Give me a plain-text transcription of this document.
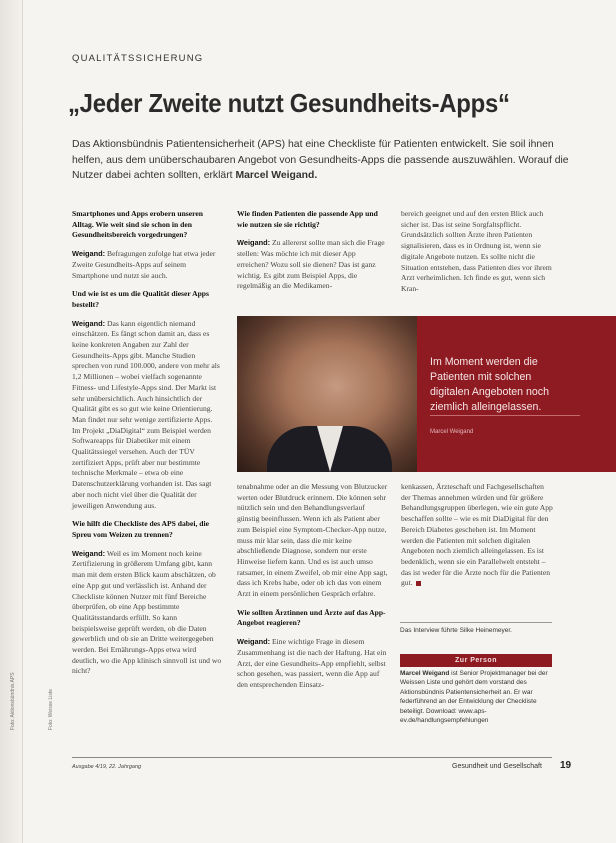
QUALITÄTSSICHERUNG
„Jeder Zweite nutzt Gesundheits-Apps“
Das Aktionsbündnis Patientensicherheit (APS) hat eine Checkliste für Patienten entwickelt. Sie soil ihnen helfen, aus dem unüberschaubaren Angebot von Gesundheits-Apps die passende auszuwählen. Worauf die Nutzer dabei achten sollten, erklärt Marcel Weigand.

Smartphones und Apps erobern unseren Alltag. Wie weit sind sie schon in den Gesundheitsbereich vorgedrungen?

Weigand: Befragungen zufolge hat etwa jeder Zweite Gesundheits-Apps auf seinem Smartphone und nutzt sie auch.

Und wie ist es um die Qualität dieser Apps bestellt?

Weigand: Das kann eigentlich niemand einschätzen. Es fängt schon damit an, dass es keine konkreten Angaben zur Zahl der Gesundheits-Apps gibt. Manche Studien sprechen von rund 100.000, andere von mehr als 1,2 Millionen – wobei vielfach sogenannte Fitness- und Lifestyle-Apps sind. Der Markt ist sehr unübersichtlich. Auch hinsichtlich der Qualität gibt es so gut wie keine Orientierung. Man findet nur sehr wenige zertifizierte Apps. Im Projekt „DiaDigital“ zum Beispiel werden Softwareapps für Diabetiker mit einem Qualitätssiegel versehen. Auch der TÜV zertifiziert Apps, prüft aber nur bestimmte technische Merkmale – etwa ob eine Datenschutzerklärung vorhanden ist. Das sagt aber noch nicht viel über die Qualität der jeweiligen Anwendung aus.

Wie hilft die Checkliste des APS dabei, die Spreu vom Weizen zu trennen?

Weigand: Weil es im Moment noch keine Zertifizierung in größerem Umfang gibt, kann man mit dem ersten Blick kaum abschätzen, ob eine App gut und verlässlich ist. Anhand der Checkliste können Nutzer mit fünf Bereiche überprüfen, ob eine App bestimmte Qualitätsstandards erfüllt. So kann beispielsweise geprüft werden, ob die Daten gewerblich und ob sie an Dritte weitergegeben werden. Bei Ernährungs-Apps etwa wird deutlich, wo die App klinisch sinnvoll ist und wo nicht?

Wie finden Patienten die passende App und wie nutzen sie sie richtig?

Weigand: Zu allererst sollte man sich die Frage stellen: Was möchte ich mit dieser App erreichen? Wozu soll sie dienen? Das ist ganz wichtig. Es gibt zum Beispiel Apps, die regelmäßig an die Medikamen-

bereich geeignet und auf den ersten Blick auch sicher ist. Das ist seine Sorgfaltspflicht. Grundsätzlich sollten Ärzte ihren Patienten signalisieren, dass es in Ordnung ist, wenn sie digitale Angebote nutzen. Es sollte nicht die Situation entstehen, dass Patienten dies vor ihrem Arzt verheimlichen. Ich finde es gut, wenn sich Kran-

Im Moment werden die Patienten mit solchen digitalen Angeboten noch ziemlich alleingelassen.
Marcel Weigand

tenabnahme oder an die Messung von Blutzucker werten oder Blutdruck erinnern. Die können sehr nützlich sein und den Behandlungsverlauf günstig beeinflussen. Wenn ich als Patient aber zum Beispiel eine Symptom-Checker-App nutze, muss mir klar sein, dass die mir keine abschließende Diagnose, sondern nur erste Hinweise liefern kann. Und es ist auch umso ratsamer, in einem Zweifel, ob mir eine App sagt, dass ich Krebs habe, oder ob ich das von einem Arzt in einem persönlichen Gespräch erfahre.

Wie sollten Ärztinnen und Ärzte auf das App-Angebot reagieren?

Weigand: Eine wichtige Frage in diesem Zusammenhang ist die nach der Haftung. Hat ein Arzt, der eine Gesundheits-App empfiehlt, selbst schon gesehen, was passiert, wenn die App auf den entsprechenden Einsatz-

kenkassen, Ärzteschaft und Fachgesellschaften der Themas annehmen würden und für größere Behandlungsgruppen überlegen, wie ein gute App beschaffen sollte – wie es mit DiaDigital für den Bereich Diabetes geschehen ist. Im Moment werden die Patienten mit solchen digitalen Angeboten noch ziemlich alleingelassen. Es ist bedenklich, wenn sie ein Parallelwelt entsteht – das ist weder für die Ärzte noch für die Patienten gut.

Das Interview führte Silke Heinemeyer.
Zur Person
Marcel Weigand ist Senior Projektmanager bei der Weissen Liste und gehört dem vorstand des Aktionsbündnis Patientensicherheit an. Er war federführend an der Entwicklung der Checkliste beteiligt. Download: www.aps-ev.de/handlungsempfehlungen
Ausgabe 4/19, 22. Jahrgang	Gesundheit und Gesellschaft 19
Foto: Aktionsbündnis APS	Foto: Weisse Liste
